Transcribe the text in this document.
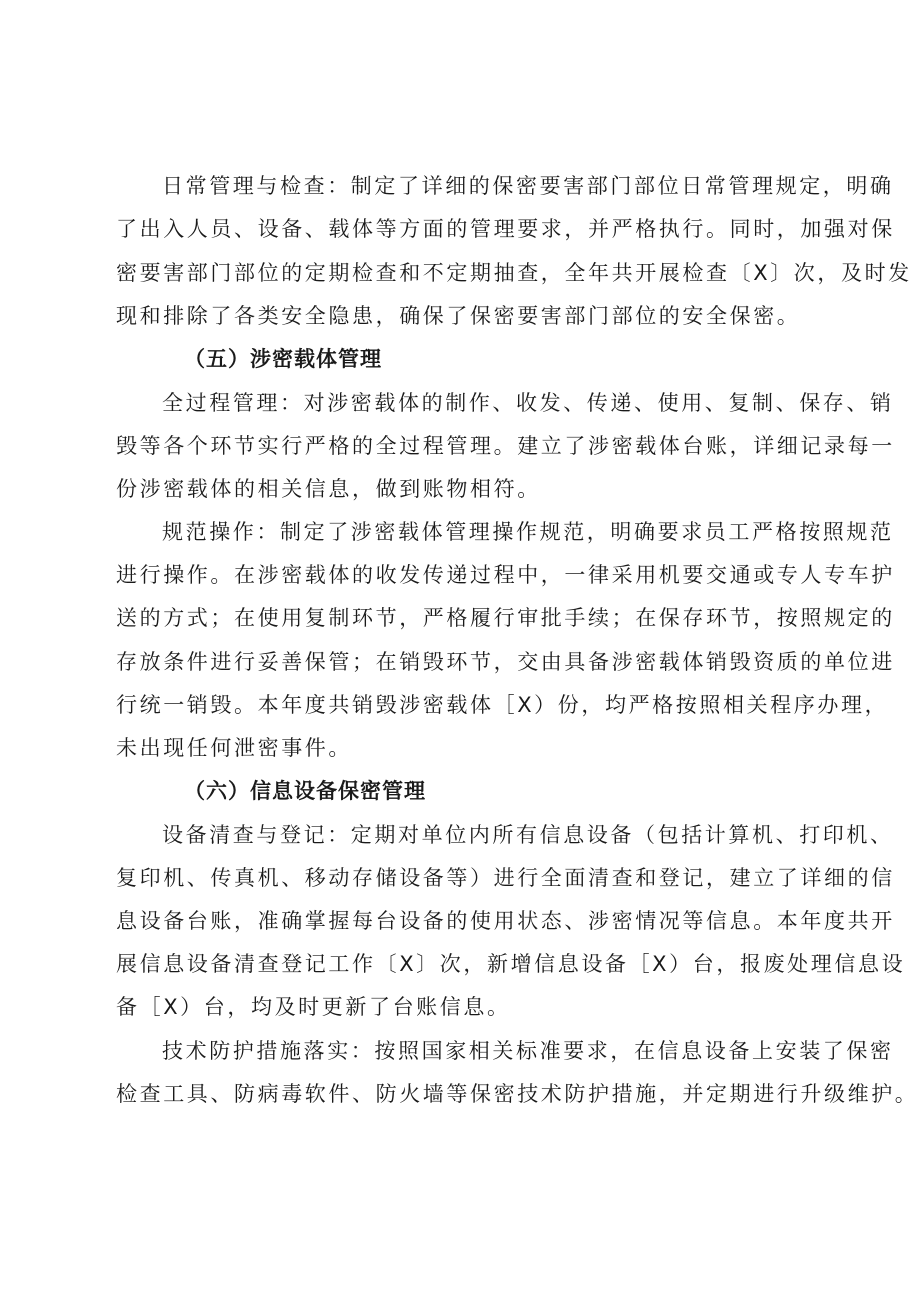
日常管理与检查：制定了详细的保密要害部门部位日常管理规定，明确
了出入人员、设备、载体等方面的管理要求，并严格执行。同时，加强对保
密要害部门部位的定期检查和不定期抽查，全年共开展检查〔X〕次，及时发
现和排除了各类安全隐患，确保了保密要害部门部位的安全保密。
（五）涉密载体管理
全过程管理：对涉密载体的制作、收发、传递、使用、复制、保存、销
毁等各个环节实行严格的全过程管理。建立了涉密载体台账，详细记录每一
份涉密载体的相关信息，做到账物相符。
规范操作：制定了涉密载体管理操作规范，明确要求员工严格按照规范
进行操作。在涉密载体的收发传递过程中，一律采用机要交通或专人专车护
送的方式；在使用复制环节，严格履行审批手续；在保存环节，按照规定的
存放条件进行妥善保管；在销毁环节，交由具备涉密载体销毁资质的单位进
行统一销毁。本年度共销毁涉密载体［X）份，均严格按照相关程序办理，
未出现任何泄密事件。
（六）信息设备保密管理
设备清查与登记：定期对单位内所有信息设备（包括计算机、打印机、
复印机、传真机、移动存储设备等）进行全面清查和登记，建立了详细的信
息设备台账，准确掌握每台设备的使用状态、涉密情况等信息。本年度共开
展信息设备清查登记工作〔X〕次，新增信息设备［X）台，报废处理信息设
备［X）台，均及时更新了台账信息。
技术防护措施落实：按照国家相关标准要求，在信息设备上安装了保密
检查工具、防病毒软件、防火墙等保密技术防护措施，并定期进行升级维护。
